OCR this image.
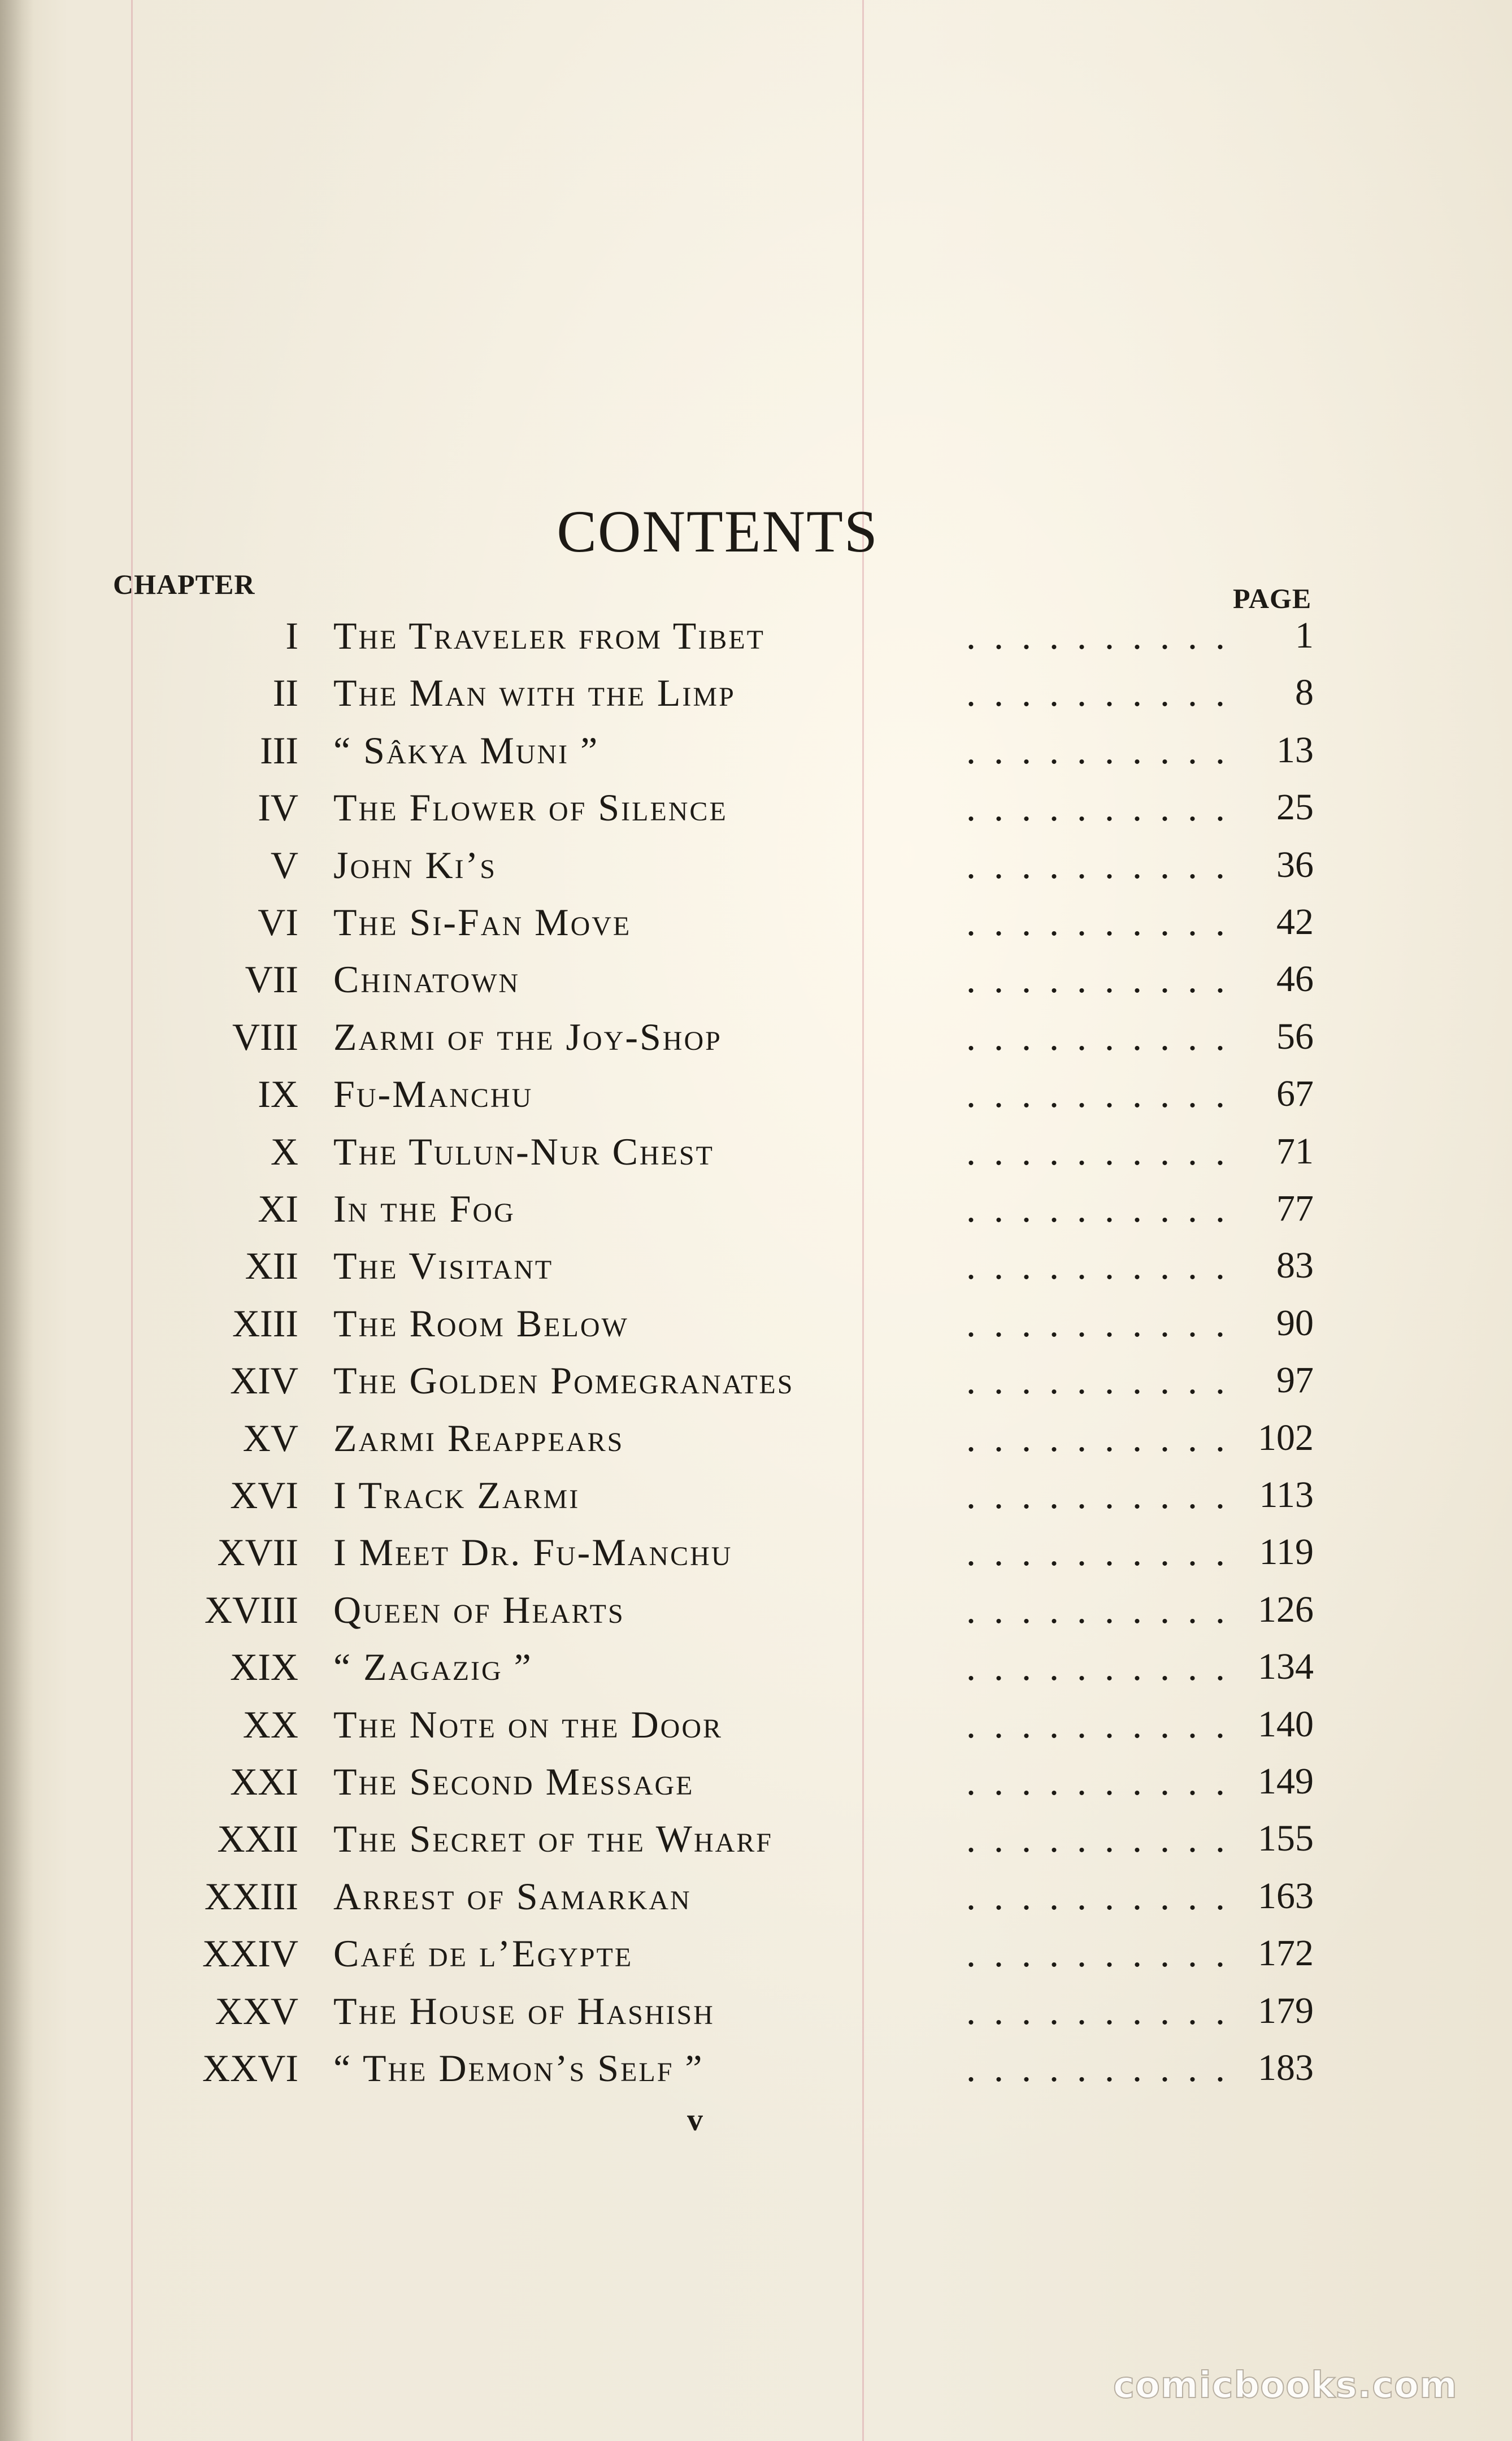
CONTENTS
CHAPTER	PAGE
I The Traveler from Tibet	..........	1
II The Man with the Limp	..........	8
III “ Sâkya Muni ”	.......... 13
IV The Flower of Silence	.......... 25
V John Ki’s	.......... 36
VI The Si-Fan Move	.......... 42
VII Chinatown	.......... 46
VIII Zarmi of the Joy-Shop	.......... 56
IX Fu-Manchu	.......... 67
X The Tulun-Nur Chest	.......... 71
XI In the Fog	.......... 77
XII The Visitant	.......... 83
XIII The Room Below	.......... 90
XIV The Golden Pomegranates	.......... 97
XV Zarmi Reappears	.......... 102
XVI I Track Zarmi	.......... 113
XVII I Meet Dr. Fu-Manchu	.......... 119
XVIII Queen of Hearts	.......... 126
XIX “ Zagazig ”	.......... 134
XX The Note on the Door	.......... 140
XXI The Second Message	.......... 149
XXII The Secret of the Wharf	.......... 155
XXIII Arrest of Samarkan	.......... 163
XXIV Café de l’Egypte	.......... 172
XXV The House of Hashish	.......... 179
XXVI “ The Demon’s Self ”	.......... 183
v
comicbooks.com
